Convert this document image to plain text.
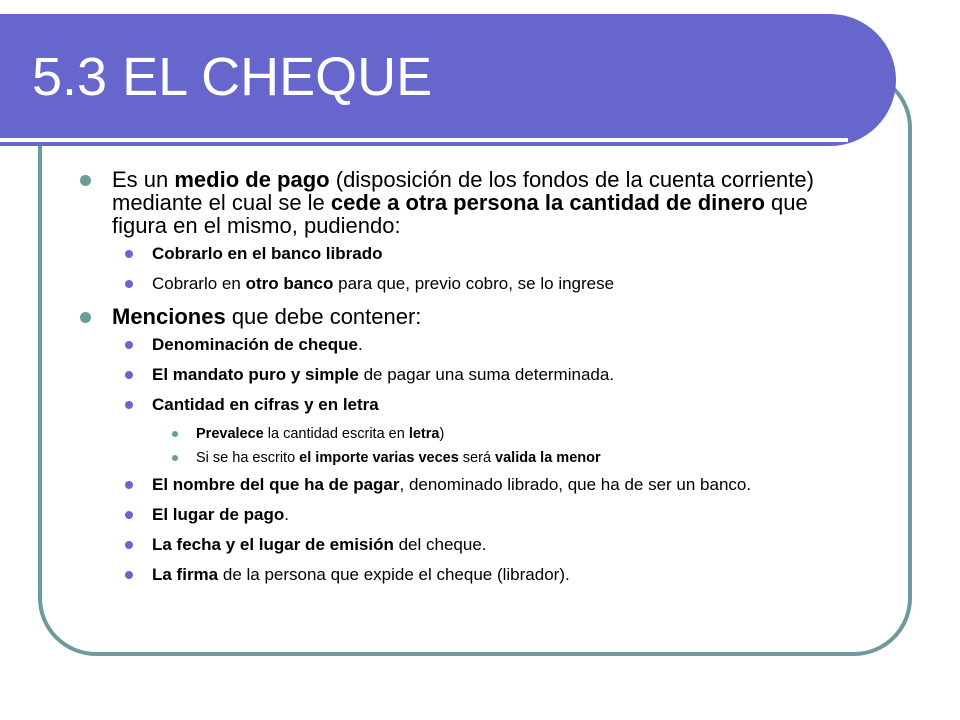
5.3 EL CHEQUE
Es un medio de pago (disposición de los fondos de la cuenta corriente) mediante el cual se le cede a otra persona la cantidad de dinero que figura en el mismo, pudiendo:
Cobrarlo en el banco librado
Cobrarlo en otro banco para que, previo cobro, se lo ingrese
Menciones que debe contener:
Denominación de cheque.
El mandato puro y simple de pagar una suma determinada.
Cantidad en cifras y en letra
Prevalece la cantidad escrita en letra)
Si se ha escrito el importe varias veces será valida la menor
El nombre del que ha de pagar, denominado librado, que ha de ser un banco.
El lugar de pago.
La fecha y el lugar de emisión del cheque.
La firma de la persona que expide el cheque (librador).
